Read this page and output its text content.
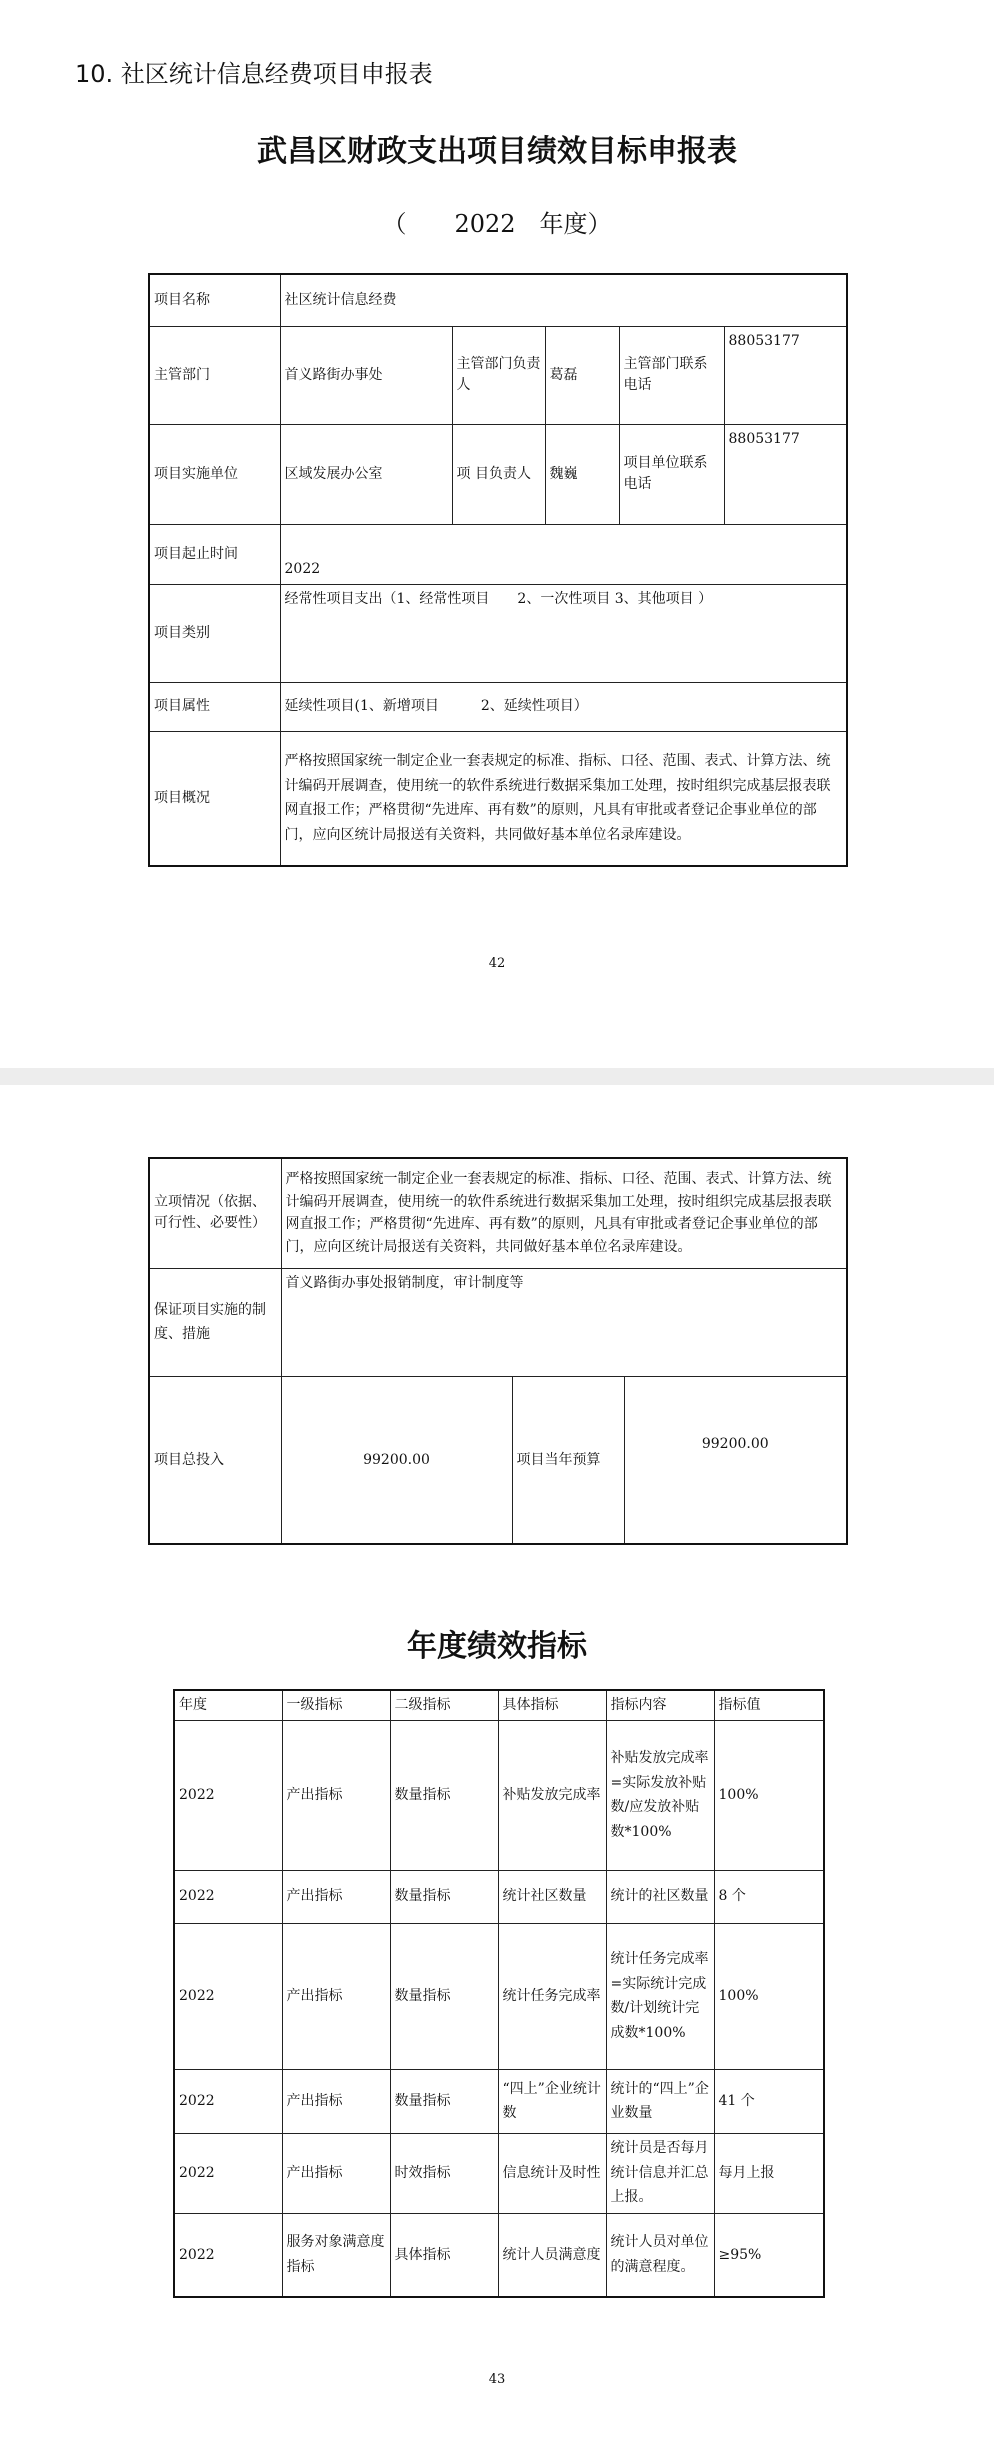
10. 社区统计信息经费项目申报表
武昌区财政支出项目绩效目标申报表
（　　2022　年度）
项目名称	社区统计信息经费				
主管部门	首义路街办事处	主管部门负责人	葛磊	主管部门联系电话	88053177
项目实施单位	区域发展办公室	项 目负责人	魏巍	项目单位联系电话	88053177
项目起止时间	2022				
项目类别	经常性项目支出（1、经常性项目　　2、一次性项目 3、其他项目 ）				
项目属性	延续性项目(1、新增项目　　　2、延续性项目）				
项目概况	严格按照国家统一制定企业一套表规定的标准、指标、口径、范围、表式、计算方法、统计编码开展调查，使用统一的软件系统进行数据采集加工处理，按时组织完成基层报表联网直报工作；严格贯彻“先进库、再有数”的原则，凡具有审批或者登记企事业单位的部门，应向区统计局报送有关资料，共同做好基本单位名录库建设。				
42
立项情况（依据、可行性、必要性）	严格按照国家统一制定企业一套表规定的标准、指标、口径、范围、表式、计算方法、统计编码开展调查，使用统一的软件系统进行数据采集加工处理，按时组织完成基层报表联网直报工作；严格贯彻“先进库、再有数”的原则，凡具有审批或者登记企事业单位的部门，应向区统计局报送有关资料，共同做好基本单位名录库建设。		
保证项目实施的制度、措施	首义路街办事处报销制度，审计制度等		
项目总投入	99200.00	项目当年预算	99200.00
年度绩效指标
年度	一级指标	二级指标	具体指标	指标内容	指标值
2022	产出指标	数量指标	补贴发放完成率	补贴发放完成率=实际发放补贴数/应发放补贴数*100%	100%
2022	产出指标	数量指标	统计社区数量	统计的社区数量	8 个
2022	产出指标	数量指标	统计任务完成率	统计任务完成率=实际统计完成数/计划统计完成数*100%	100%
2022	产出指标	数量指标	“四上”企业统计数	统计的“四上”企业数量	41 个
2022	产出指标	时效指标	信息统计及时性	统计员是否每月统计信息并汇总上报。	每月上报
2022	服务对象满意度指标	具体指标	统计人员满意度	统计人员对单位的满意程度。	≥95%
43
